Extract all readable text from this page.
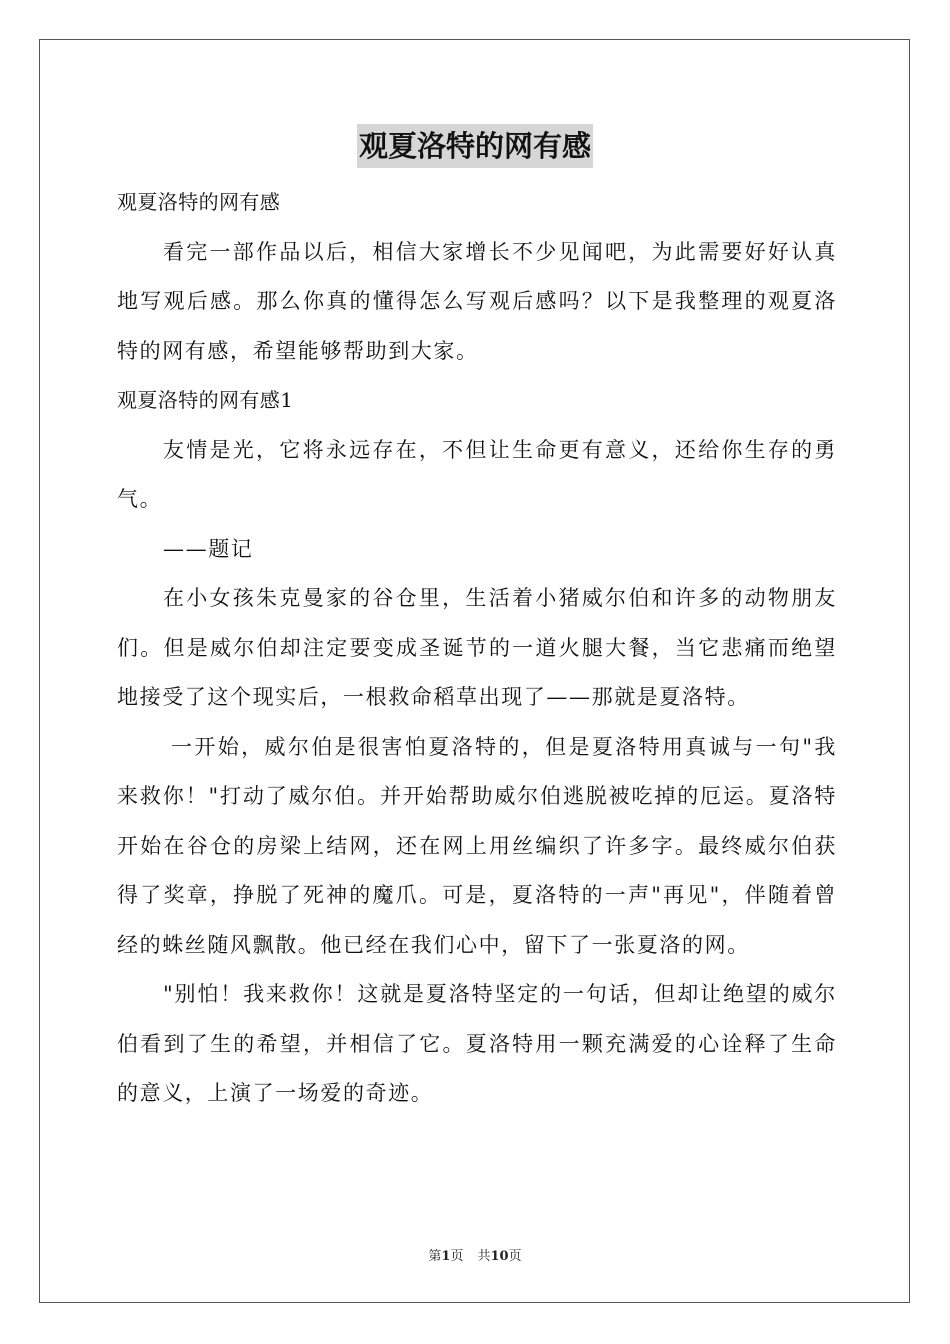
观夏洛特的网有感

观夏洛特的网有感

看完一部作品以后，相信大家增长不少见闻吧，为此需要好好认真地写观后感。那么你真的懂得怎么写观后感吗？以下是我整理的观夏洛特的网有感，希望能够帮助到大家。

观夏洛特的网有感1

友情是光，它将永远存在，不但让生命更有意义，还给你生存的勇气。

——题记

在小女孩朱克曼家的谷仓里，生活着小猪威尔伯和许多的动物朋友们。但是威尔伯却注定要变成圣诞节的一道火腿大餐，当它悲痛而绝望地接受了这个现实后，一根救命稻草出现了——那就是夏洛特。

一开始，威尔伯是很害怕夏洛特的，但是夏洛特用真诚与一句"我来救你！"打动了威尔伯。并开始帮助威尔伯逃脱被吃掉的厄运。夏洛特开始在谷仓的房梁上结网，还在网上用丝编织了许多字。最终威尔伯获得了奖章，挣脱了死神的魔爪。可是，夏洛特的一声"再见"，伴随着曾经的蛛丝随风飘散。他已经在我们心中，留下了一张夏洛的网。

"别怕！我来救你！这就是夏洛特坚定的一句话，但却让绝望的威尔伯看到了生的希望，并相信了它。夏洛特用一颗充满爱的心诠释了生命的意义，上演了一场爱的奇迹。

第1页 共10页
